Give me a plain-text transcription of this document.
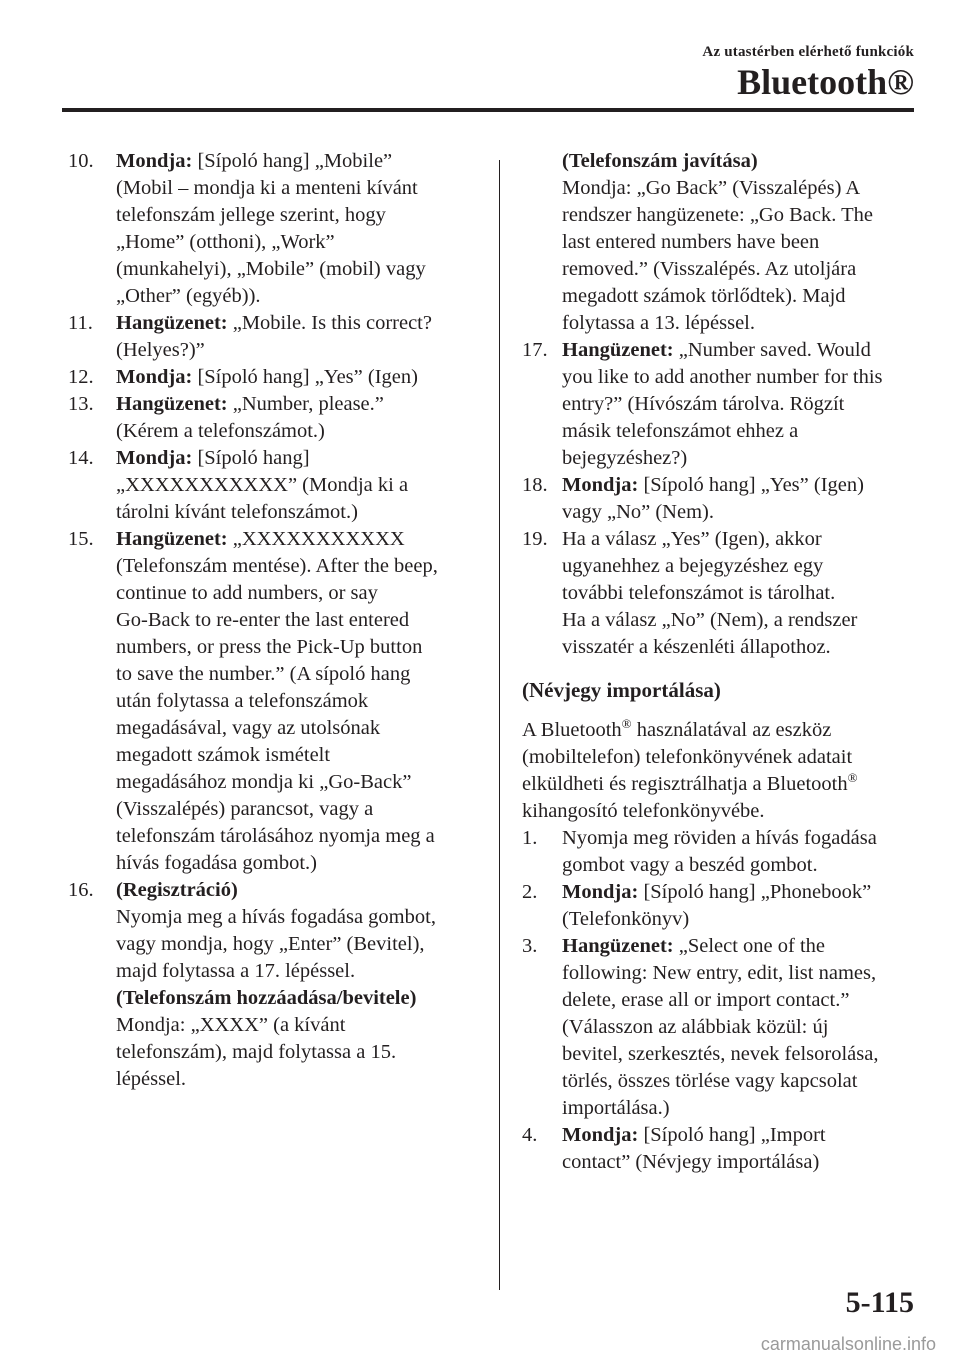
Az utastérben elérhető funkciók
Bluetooth®
10.	Mondja: [Sípoló hang] „Mobile”
(Mobil – mondja ki a menteni kívánt
telefonszám jellege szerint, hogy
„Home” (otthoni), „Work”
(munkahelyi), „Mobile” (mobil) vagy
„Other” (egyéb)).
11.	Hangüzenet: „Mobile. Is this correct?
(Helyes?)”
12.	Mondja: [Sípoló hang] „Yes” (Igen)
13.	Hangüzenet: „Number, please.”
(Kérem a telefonszámot.)
14.	Mondja: [Sípoló hang]
„XXXXXXXXXXX” (Mondja ki a
tárolni kívánt telefonszámot.)
15.	Hangüzenet: „XXXXXXXXXXX
(Telefonszám mentése). After the beep,
continue to add numbers, or say
Go-Back to re-enter the last entered
numbers, or press the Pick-Up button
to save the number.” (A sípoló hang
után folytassa a telefonszámok
megadásával, vagy az utolsónak
megadott számok ismételt
megadásához mondja ki „Go-Back”
(Visszalépés) parancsot, vagy a
telefonszám tárolásához nyomja meg a
hívás fogadása gombot.)
16.	(Regisztráció)
Nyomja meg a hívás fogadása gombot,
vagy mondja, hogy „Enter” (Bevitel),
majd folytassa a 17. lépéssel.
(Telefonszám hozzáadása/bevitele)
Mondja: „XXXX” (a kívánt
telefonszám), majd folytassa a 15.
lépéssel.
(Telefonszám javítása)
Mondja: „Go Back” (Visszalépés) A
rendszer hangüzenete: „Go Back. The
last entered numbers have been
removed.” (Visszalépés. Az utoljára
megadott számok törlődtek). Majd
folytassa a 13. lépéssel.
17. Hangüzenet: „Number saved. Would
you like to add another number for this
entry?” (Hívószám tárolva. Rögzít
másik telefonszámot ehhez a
bejegyzéshez?)
18. Mondja: [Sípoló hang] „Yes” (Igen)
vagy „No” (Nem).
19. Ha a válasz „Yes” (Igen), akkor
ugyanehhez a bejegyzéshez egy
további telefonszámot is tárolhat.
Ha a válasz „No” (Nem), a rendszer
visszatér a készenléti állapothoz.
(Névjegy importálása)
A Bluetooth® használatával az eszköz
(mobiltelefon) telefonkönyvének adatait
elküldheti és regisztrálhatja a Bluetooth®
kihangosító telefonkönyvébe.
1.	Nyomja meg röviden a hívás fogadása
gombot vagy a beszéd gombot.
2.	Mondja: [Sípoló hang] „Phonebook”
(Telefonkönyv)
3.	Hangüzenet: „Select one of the
following: New entry, edit, list names,
delete, erase all or import contact.”
(Válasszon az alábbiak közül: új
bevitel, szerkesztés, nevek felsorolása,
törlés, összes törlése vagy kapcsolat
importálása.)
4.	Mondja: [Sípoló hang] „Import
contact” (Névjegy importálása)
5-115
carmanualsonline.info
